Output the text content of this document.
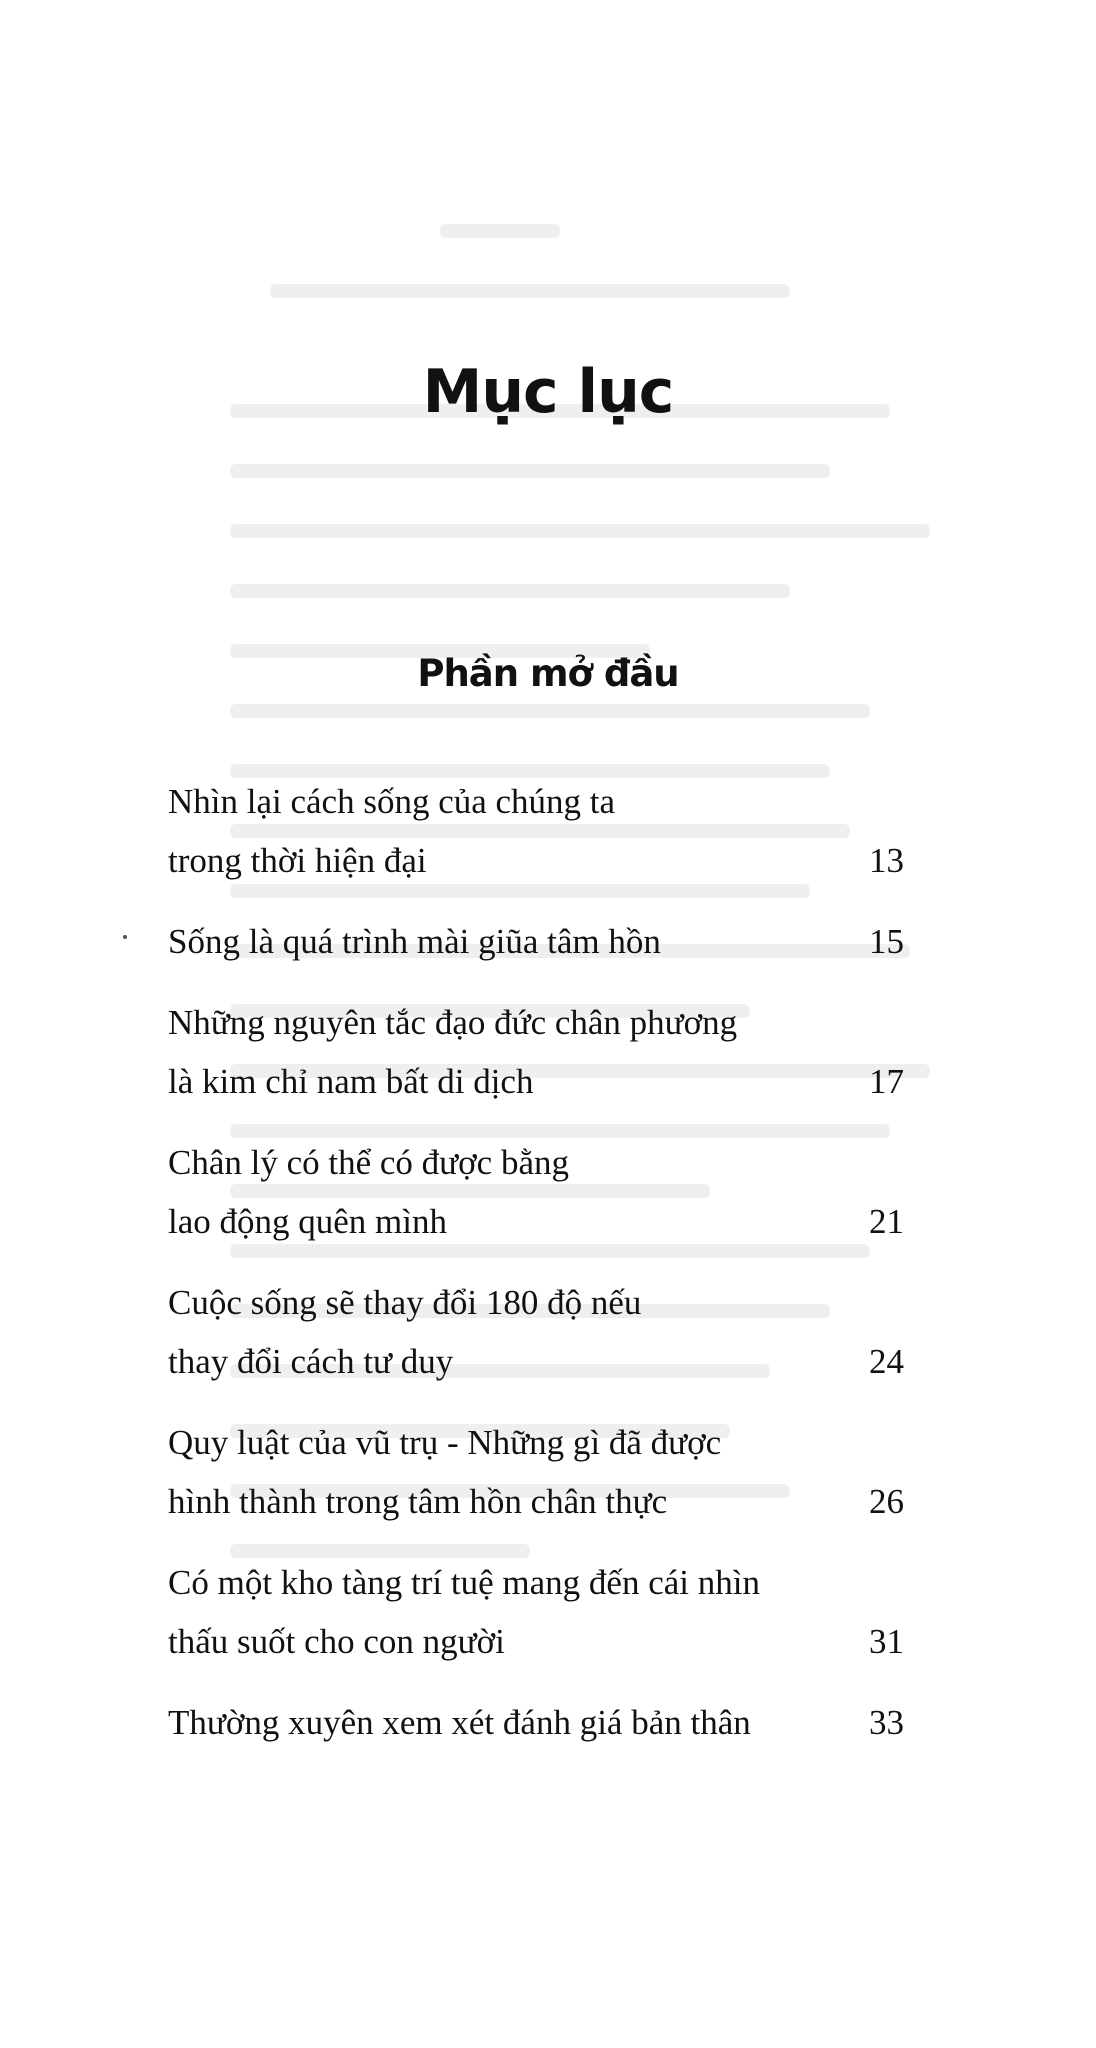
Mục lục
Phần mở đầu
Nhìn lại cách sống của chúng ta
trong thời hiện đại	13
Sống là quá trình mài giũa tâm hồn	15
Những nguyên tắc đạo đức chân phương
là kim chỉ nam bất di dịch	17
Chân lý có thể có được bằng
lao động quên mình	21
Cuộc sống sẽ thay đổi 180 độ nếu
thay đổi cách tư duy	24
Quy luật của vũ trụ - Những gì đã được
hình thành trong tâm hồn chân thực	26
Có một kho tàng trí tuệ mang đến cái nhìn
thấu suốt cho con người	31
Thường xuyên xem xét đánh giá bản thân	33
